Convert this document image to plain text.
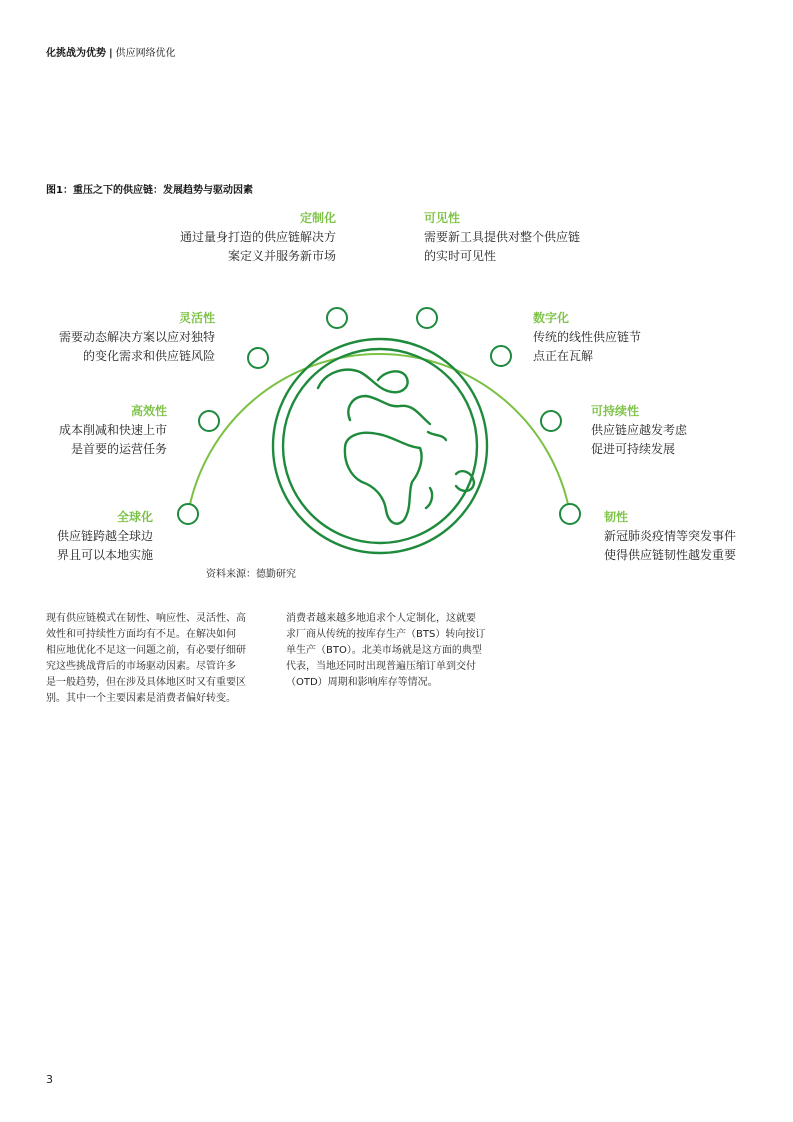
化挑战为优势 | 供应网络优化
图1：重压之下的供应链：发展趋势与驱动因素
定制化
通过量身打造的供应链解决方
案定义并服务新市场
可见性
需要新工具提供对整个供应链
的实时可见性
灵活性
需要动态解决方案以应对独特
的变化需求和供应链风险
数字化
传统的线性供应链节
点正在瓦解
高效性
成本削减和快速上市
是首要的运营任务
可持续性
供应链应越发考虑
促进可持续发展
全球化
供应链跨越全球边
界且可以本地实施
韧性
新冠肺炎疫情等突发事件
使得供应链韧性越发重要
资料来源：德勤研究
现有供应链模式在韧性、响应性、灵活性、高
效性和可持续性方面均有不足。在解决如何
相应地优化不足这一问题之前，有必要仔细研
究这些挑战背后的市场驱动因素。尽管许多
是一般趋势，但在涉及具体地区时又有重要区
别。其中一个主要因素是消费者偏好转变。
消费者越来越多地追求个人定制化，这就要
求厂商从传统的按库存生产（BTS）转向按订
单生产（BTO）。北美市场就是这方面的典型
代表，当地还同时出现普遍压缩订单到交付
（OTD）周期和影响库存等情况。
3
